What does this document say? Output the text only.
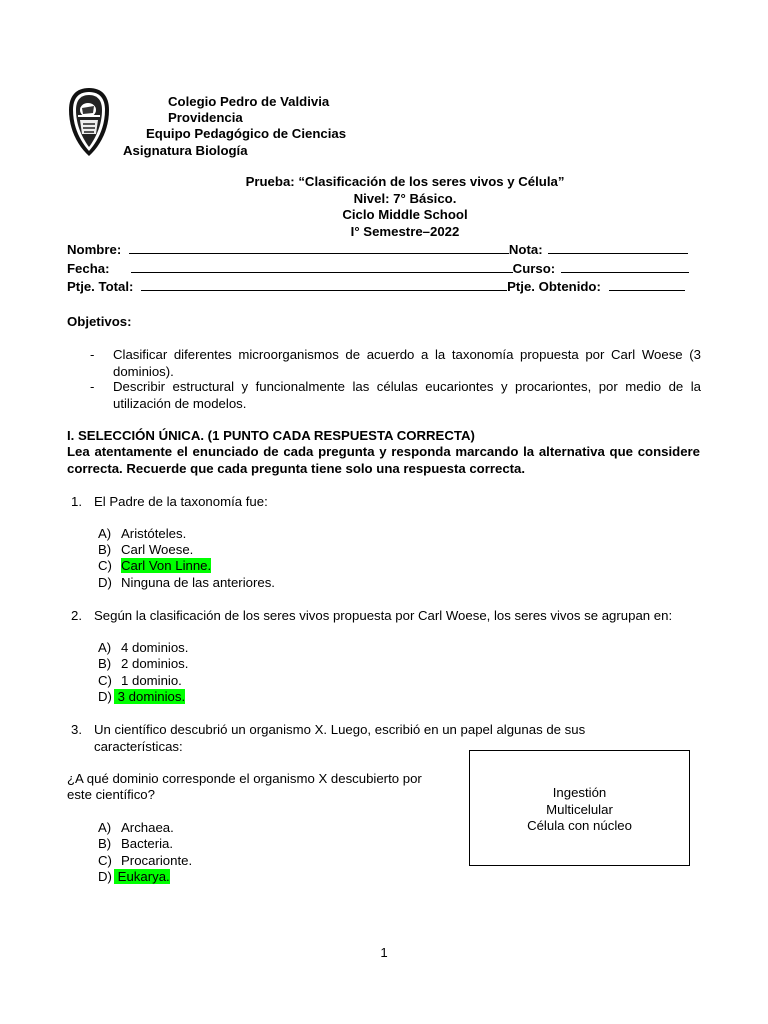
Colegio Pedro de Valdivia
Providencia
Equipo Pedagógico de Ciencias
Asignatura Biología
Prueba: “Clasificación de los seres vivos y Célula”
Nivel: 7° Básico.
Ciclo Middle School
I° Semestre–2022
Nombre:	Nota:
Fecha:	Curso:
Ptje. Total:	Ptje. Obtenido:
Objetivos:
- Clasificar diferentes microorganismos de acuerdo a la taxonomía propuesta por Carl Woese (3 dominios).
- Describir estructural y funcionalmente las células eucariontes y procariontes, por medio de la utilización de modelos.
I. SELECCIÓN ÚNICA. (1 PUNTO CADA RESPUESTA CORRECTA)
Lea atentamente el enunciado de cada pregunta y responda marcando la alternativa que considere correcta. Recuerde que cada pregunta tiene solo una respuesta correcta.
1. El Padre de la taxonomía fue:
A) Aristóteles.
B) Carl Woese.
C) Carl Von Linne.
D) Ninguna de las anteriores.
2. Según la clasificación de los seres vivos propuesta por Carl Woese, los seres vivos se agrupan en:
A) 4 dominios.
B) 2 dominios.
C) 1 dominio.
D) 3 dominios.
3. Un científico descubrió un organismo X. Luego, escribió en un papel algunas de sus
características:
¿A qué dominio corresponde el organismo X descubierto por
este científico?	Ingestión
Multicelular
Célula con núcleo
A) Archaea.
B) Bacteria.
C) Procarionte.
D) Eukarya.
1
